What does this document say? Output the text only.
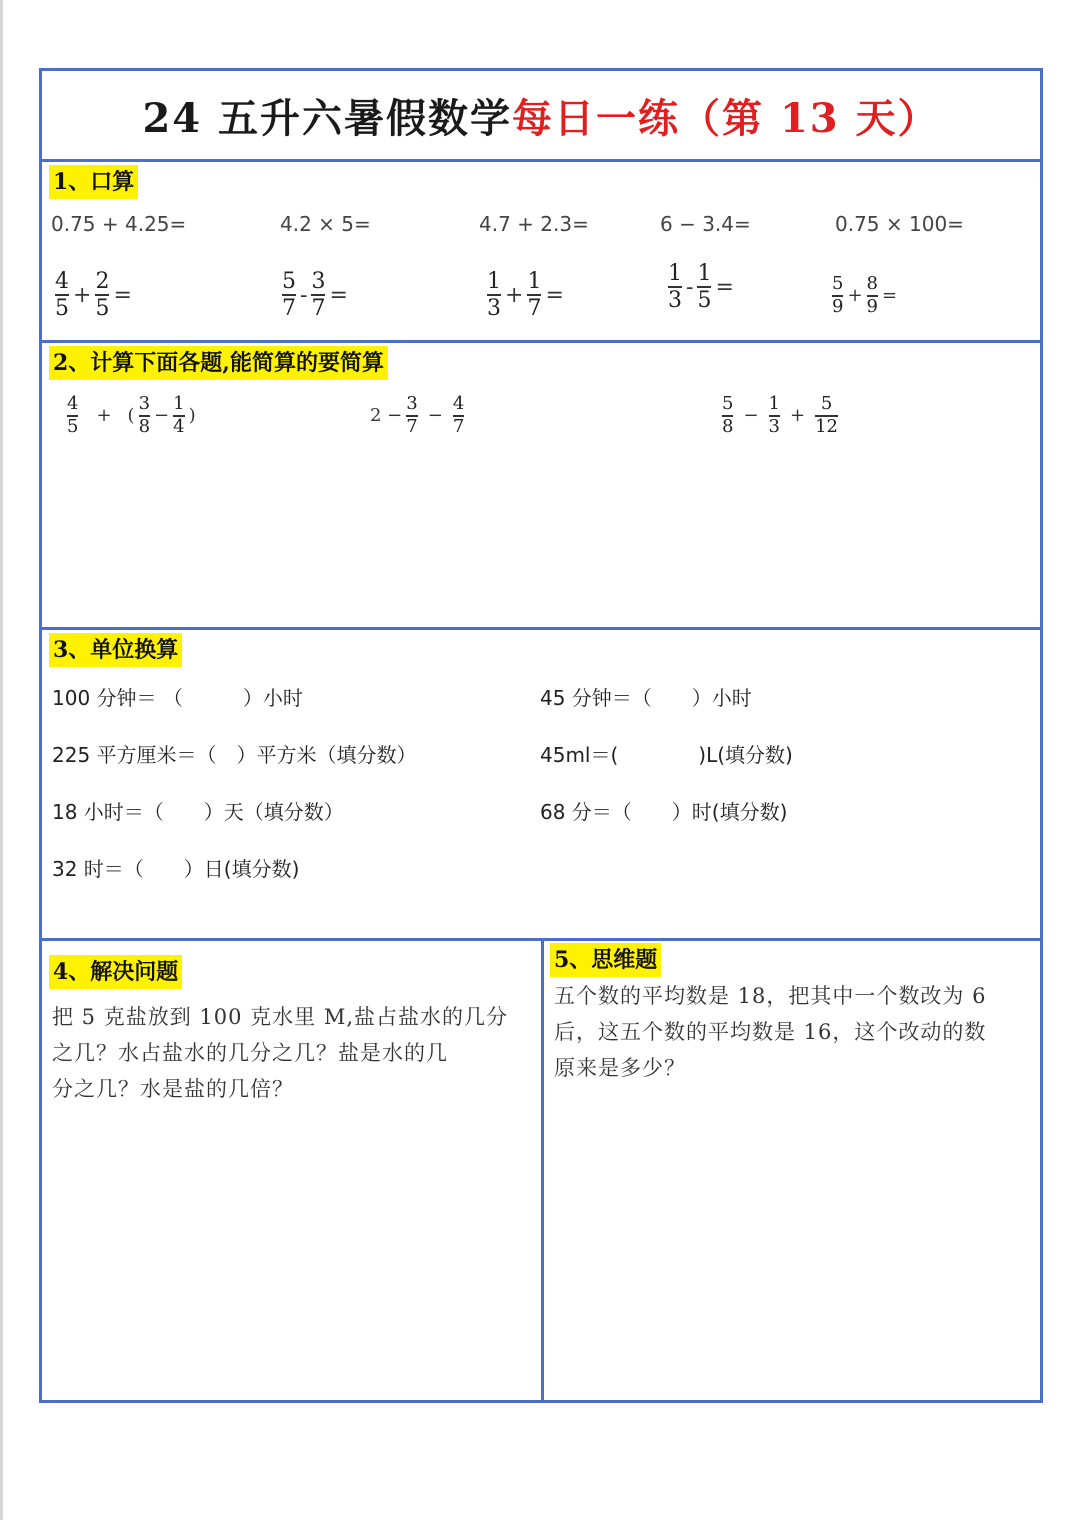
24 五升六暑假数学 每日一练（第 13 天）
1、口算
0.75 + 4.25=	4.2 × 5=	4.7 + 2.3=	6 − 3.4=	0.75 × 100=
$\frac{4}{5} + \frac{2}{5}$ =	$\frac{5}{7} - \frac{3}{7}$ =	$\frac{1}{3} + \frac{1}{7}$ =	$\frac{1}{3} - \frac{1}{5}$ =	$\frac{5}{9} + \frac{8}{9}$ =
2、计算下面各题,能简算的要简算
$\frac{4}{5}$ + ( $\frac{3}{8} - \frac{1}{4}$ )	$2 - \frac{3}{7} - \frac{4}{7}$	$\frac{5}{8} - \frac{1}{3} + \frac{5}{12}$
3、单位换算
100 分钟＝ （　　　）小时	45 分钟＝（　　）小时
225 平方厘米＝（　）平方米（填分数）	45ml＝(　　　　)L(填分数)
18 小时＝（　　）天（填分数）	68 分＝（　　）时(填分数)
32 时＝（　　）日(填分数)
4、解决问题
把 5 克盐放到 100 克水里 M,盐占盐水的几分
之几？水占盐水的几分之几？盐是水的几
分之几？水是盐的几倍？
5、思维题
五个数的平均数是 18，把其中一个数改为 6
后，这五个数的平均数是 16，这个改动的数
原来是多少？
